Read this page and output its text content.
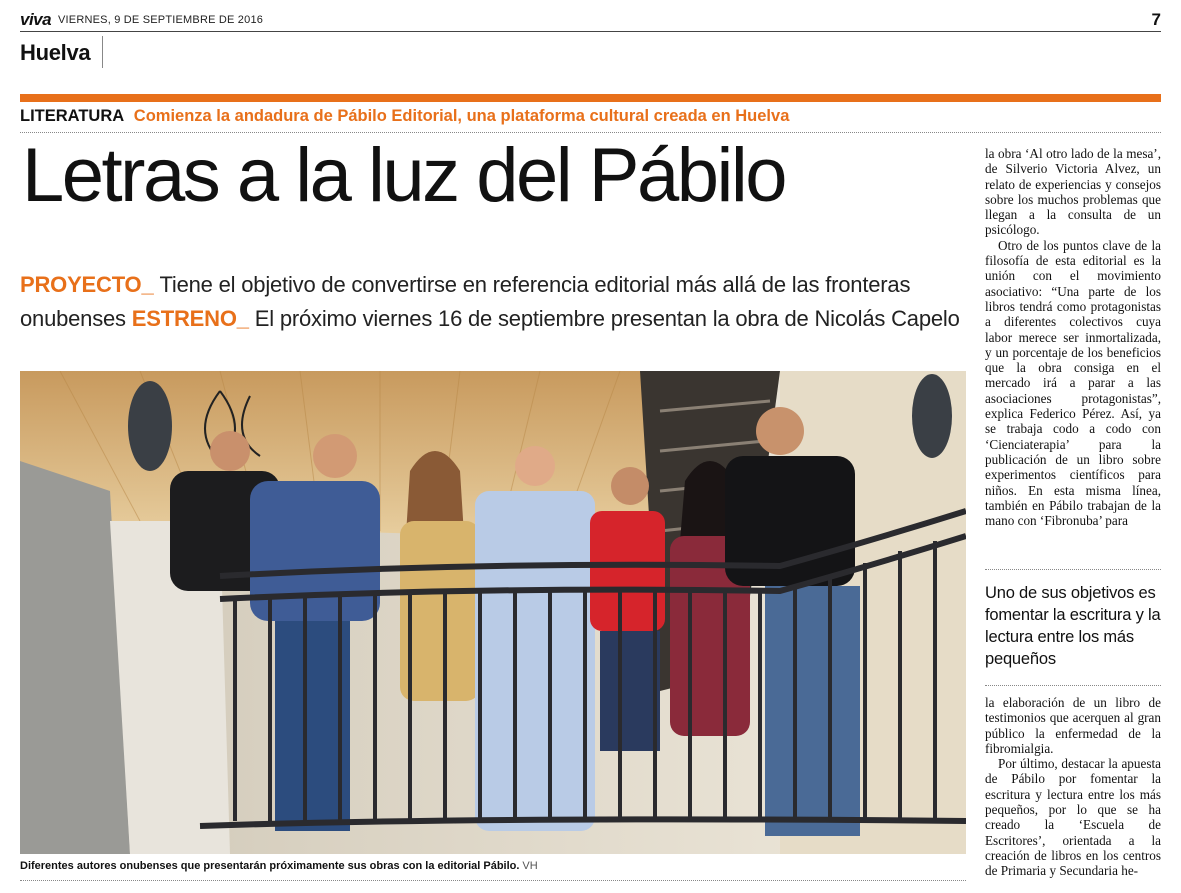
viva VIERNES, 9 DE SEPTIEMBRE DE 2016	7
Huelva
LITERATURA Comienza la andadura de Pábilo Editorial, una plataforma cultural creada en Huelva
Letras a la luz del Pábilo
PROYECTO_ Tiene el objetivo de convertirse en referencia editorial más allá de las fronteras
onubenses ESTRENO_ El próximo viernes 16 de septiembre presentan la obra de Nicolás Capelo
Diferentes autores onubenses que presentarán próximamente sus obras con la editorial Pábilo. VH

la obra ‘Al otro lado de la mesa’, de Silverio Victoria Alvez, un relato de experiencias y consejos sobre los muchos problemas que llegan a la consulta de un psicólogo.

Otro de los puntos clave de la filosofía de esta editorial es la unión con el movimiento asociativo: “Una parte de los libros tendrá como protagonistas a diferentes colectivos cuya labor merece ser inmortalizada, y un porcentaje de los beneficios que la obra consiga en el mercado irá a parar a las asociaciones protagonistas”, explica Federico Pérez. Así, ya se trabaja codo a codo con ‘Cienciaterapia’ para la publicación de un libro sobre experimentos científicos para niños. En esta misma línea, también en Pábilo trabajan de la mano con ‘Fibronuba’ para

Uno de sus objetivos es fomentar la escritura y la lectura entre los más pequeños

la elaboración de un libro de testimonios que acerquen al gran público la enfermedad de la fibromialgia.

Por último, destacar la apuesta de Pábilo por fomentar la escritura y lectura entre los más pequeños, por lo que se ha creado la ‘Escuela de Escritores’, orientada a la creación de libros en los centros de Primaria y Secundaria he-
